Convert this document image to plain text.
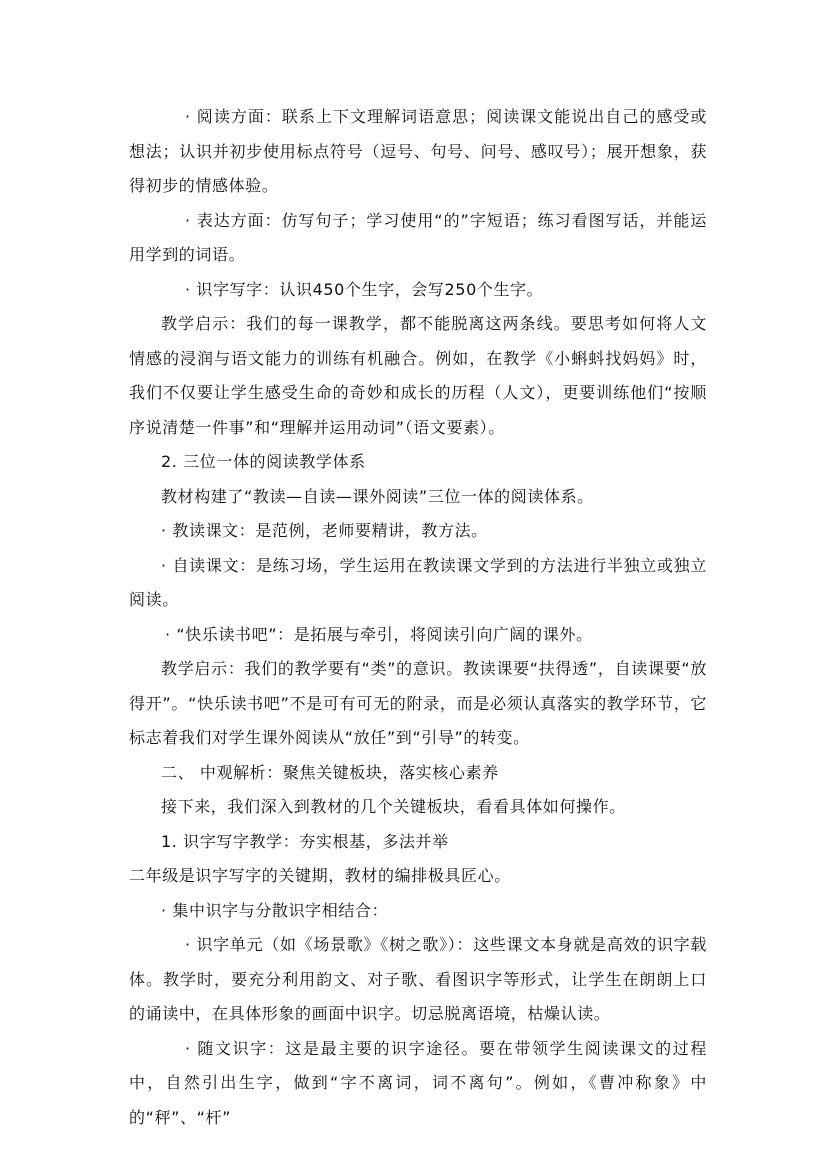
· 阅读方面：联系上下文理解词语意思；阅读课文能说出自己的感受或想法；认识并初步使用标点符号（逗号、句号、问号、感叹号）；展开想象，获得初步的情感体验。

· 表达方面：仿写句子；学习使用“的”字短语；练习看图写话，并能运用学到的词语。

· 识字写字：认识450个生字，会写250个生字。

教学启示：我们的每一课教学，都不能脱离这两条线。要思考如何将人文情感的浸润与语文能力的训练有机融合。例如，在教学《小蝌蚪找妈妈》时，我们不仅要让学生感受生命的奇妙和成长的历程（人文），更要训练他们“按顺序说清楚一件事”和“理解并运用动词”（语文要素）。

2. 三位一体的阅读教学体系

教材构建了“教读—自读—课外阅读”三位一体的阅读体系。

· 教读课文：是范例，老师要精讲，教方法。

· 自读课文：是练习场，学生运用在教读课文学到的方法进行半独立或独立阅读。

· “快乐读书吧”：是拓展与牵引，将阅读引向广阔的课外。

教学启示：我们的教学要有“类”的意识。教读课要“扶得透”，自读课要“放得开”。“快乐读书吧”不是可有可无的附录，而是必须认真落实的教学环节，它标志着我们对学生课外阅读从“放任”到“引导”的转变。

二、 中观解析：聚焦关键板块，落实核心素养

接下来，我们深入到教材的几个关键板块，看看具体如何操作。

1. 识字写字教学：夯实根基，多法并举

二年级是识字写字的关键期，教材的编排极具匠心。

· 集中识字与分散识字相结合：

· 识字单元（如《场景歌》《树之歌》）：这些课文本身就是高效的识字载体。教学时，要充分利用韵文、对子歌、看图识字等形式，让学生在朗朗上口的诵读中，在具体形象的画面中识字。切忌脱离语境，枯燥认读。

· 随文识字：这是最主要的识字途径。要在带领学生阅读课文的过程中，自然引出生字，做到“字不离词，词不离句”。例如，《曹冲称象》中的“秤”、“杆”
